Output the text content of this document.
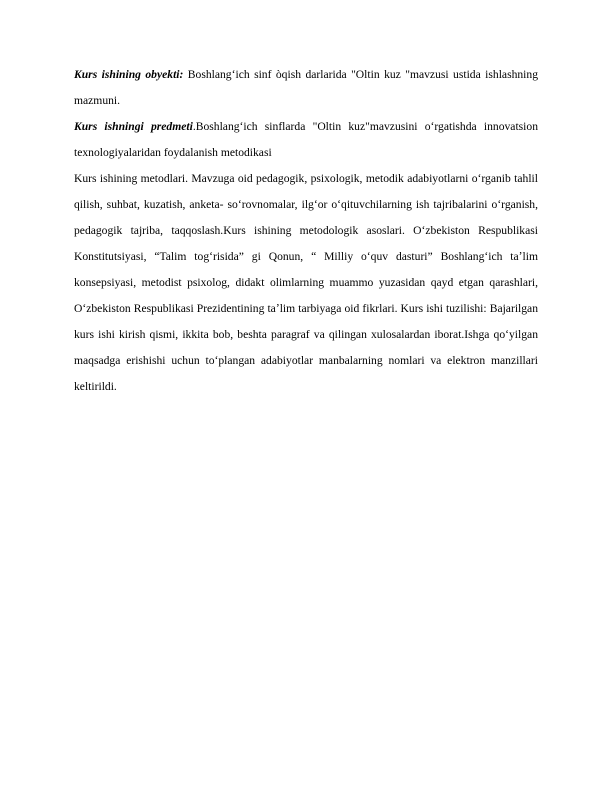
Kurs ishining obyekti: Boshlangʻich sinf òqish darlarida "Oltin kuz "mavzusi ustida ishlashning mazmuni.

Kurs ishningi predmeti.Boshlangʻich sinflarda "Oltin kuz"mavzusini oʻrgatishda innovatsion texnologiyalaridan foydalanish metodikasi

Kurs ishining metodlari. Mavzuga oid pedagogik, psixologik, metodik adabiyotlarni oʻrganib tahlil qilish, suhbat, kuzatish, anketa- soʻrovnomalar, ilgʻor oʻqituvchilarning ish tajribalarini oʻrganish, pedagogik tajriba, taqqoslash.Kurs ishining metodologik asoslari. Oʻzbekiston Respublikasi Konstitutsiyasi, “Talim togʻrisida” gi Qonun, “ Milliy oʻquv dasturi” Boshlangʻich taʼlim konsepsiyasi, metodist psixolog, didakt olimlarning muammo yuzasidan qayd etgan qarashlari, Oʻzbekiston Respublikasi Prezidentining taʼlim tarbiyaga oid fikrlari. Kurs ishi tuzilishi: Bajarilgan kurs ishi kirish qismi, ikkita bob, beshta paragraf va qilingan xulosalardan iborat.Ishga qoʻyilgan maqsadga erishishi uchun toʻplangan adabiyotlar manbalarning nomlari va elektron manzillari keltirildi.
